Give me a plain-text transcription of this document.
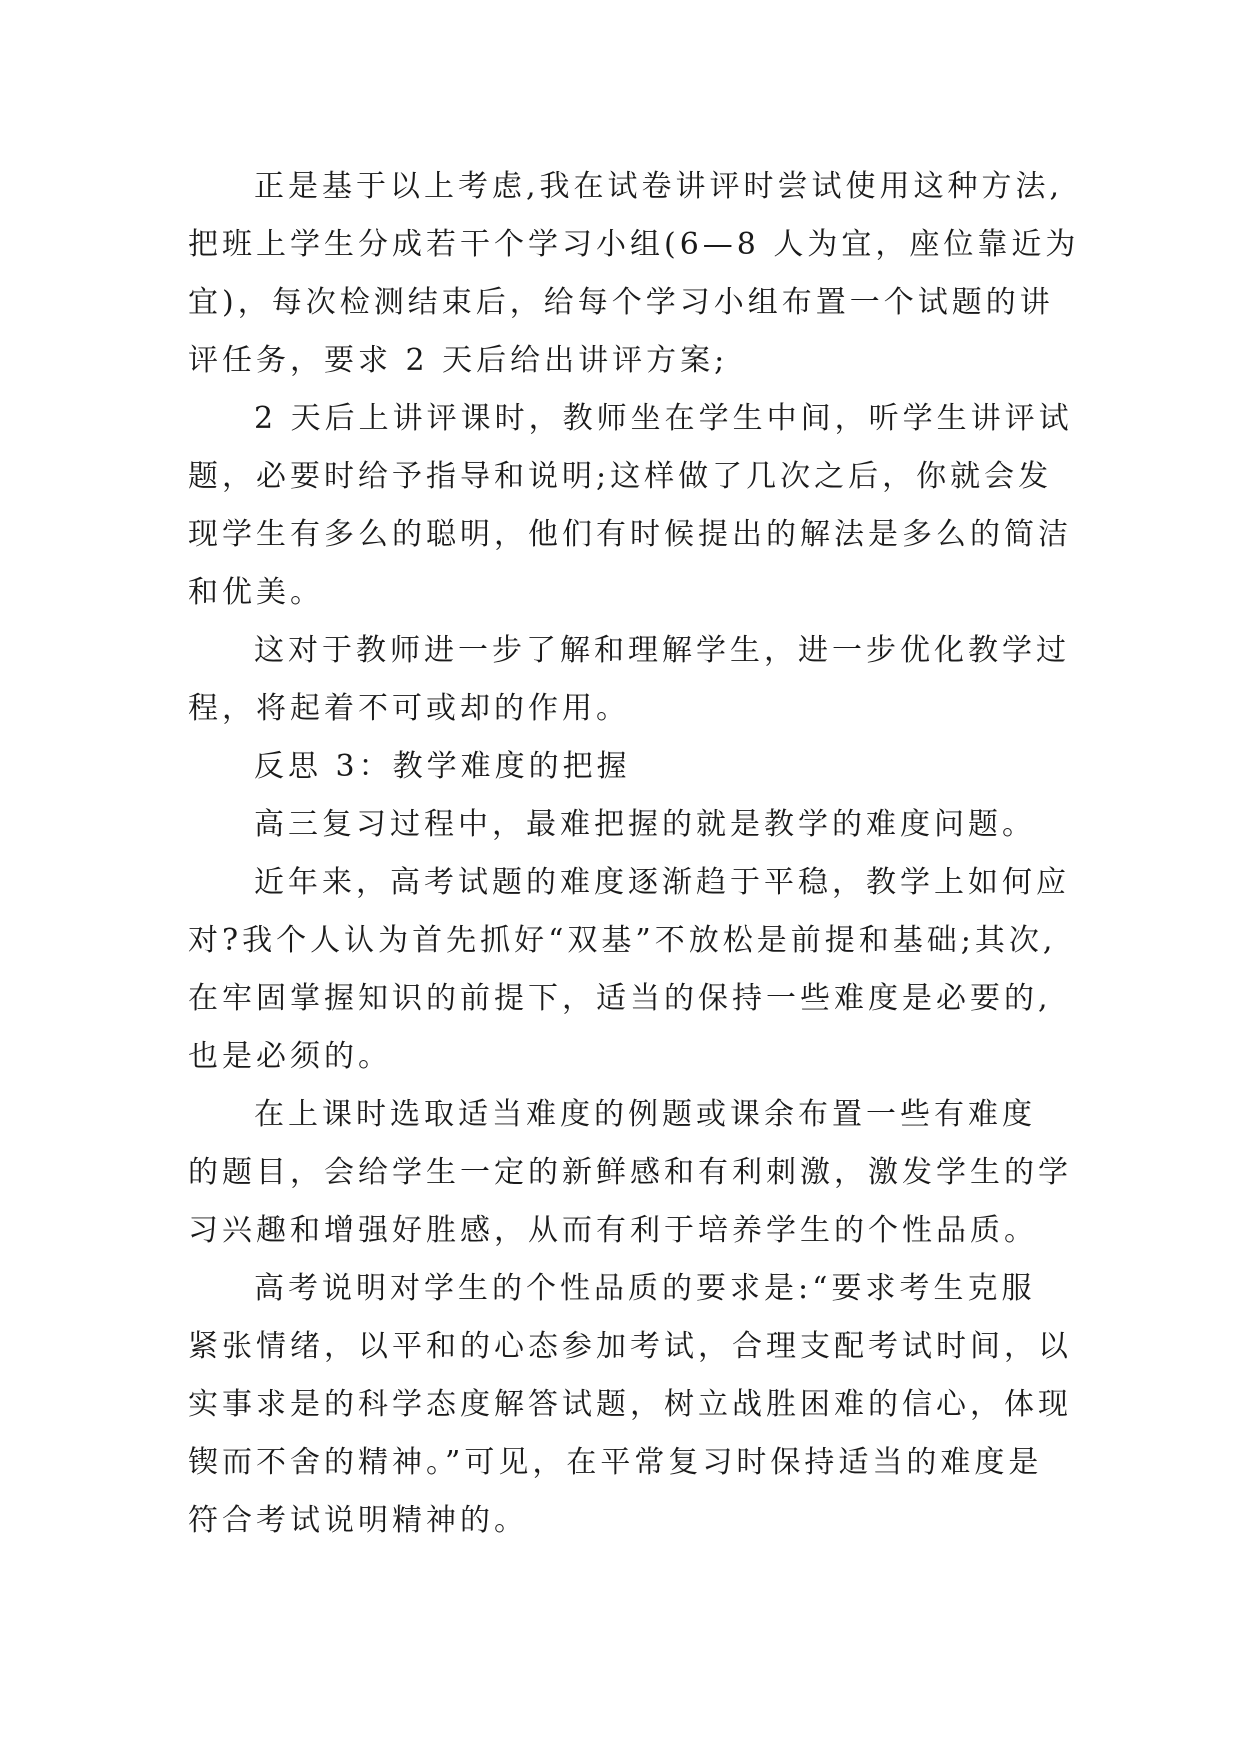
正是基于以上考虑,我在试卷讲评时尝试使用这种方法,
把班上学生分成若干个学习小组(6—8 人为宜，座位靠近为
宜)，每次检测结束后，给每个学习小组布置一个试题的讲
评任务，要求 2 天后给出讲评方案;
2 天后上讲评课时，教师坐在学生中间，听学生讲评试
题，必要时给予指导和说明;这样做了几次之后，你就会发
现学生有多么的聪明，他们有时候提出的解法是多么的简洁
和优美。
这对于教师进一步了解和理解学生，进一步优化教学过
程，将起着不可或却的作用。
反思 3：教学难度的把握
高三复习过程中，最难把握的就是教学的难度问题。
近年来，高考试题的难度逐渐趋于平稳，教学上如何应
对?我个人认为首先抓好“双基”不放松是前提和基础;其次,
在牢固掌握知识的前提下，适当的保持一些难度是必要的,
也是必须的。
在上课时选取适当难度的例题或课余布置一些有难度
的题目，会给学生一定的新鲜感和有利刺激，激发学生的学
习兴趣和增强好胜感，从而有利于培养学生的个性品质。
高考说明对学生的个性品质的要求是:“要求考生克服
紧张情绪，以平和的心态参加考试，合理支配考试时间，以
实事求是的科学态度解答试题，树立战胜困难的信心，体现
锲而不舍的精神。”可见，在平常复习时保持适当的难度是
符合考试说明精神的。
